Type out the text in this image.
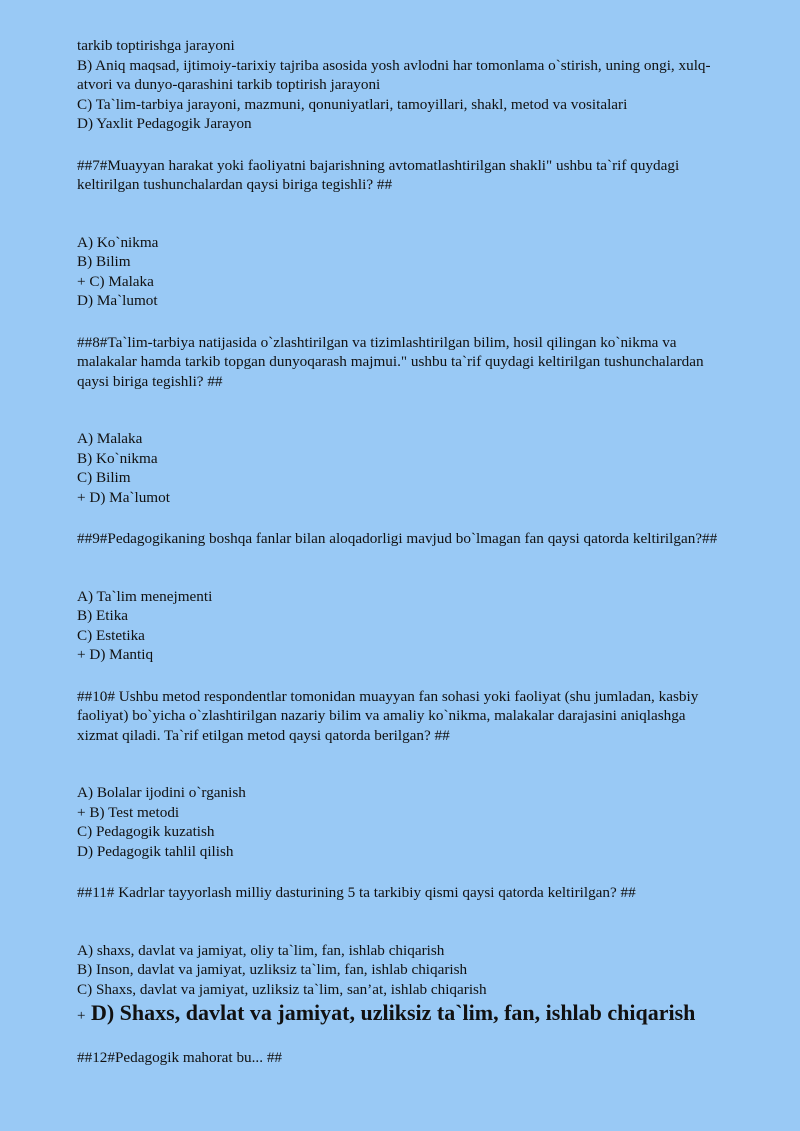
tarkib toptirishga jarayoni
B) Aniq maqsad, ijtimoiy-tarixiy tajriba asosida yosh avlodni har tomonlama o`stirish, uning ongi, xulq-
atvori va dunyo-qarashini tarkib toptirish jarayoni
C) Ta`lim-tarbiya jarayoni, mazmuni, qonuniyatlari, tamoyillari, shakl, metod va vositalari
D) Yaxlit Pedagogik Jarayon
##7#Muayyan harakat yoki faoliyatni bajarishning avtomatlashtirilgan shakli" ushbu ta`rif quydagi
keltirilgan tushunchalardan qaysi biriga tegishli? ##
A) Ko`nikma
B) Bilim
+ C) Malaka
D) Ma`lumot
##8#Ta`lim-tarbiya natijasida o`zlashtirilgan va tizimlashtirilgan bilim, hosil qilingan ko`nikma va
malakalar hamda tarkib topgan dunyoqarash majmui." ushbu ta`rif quydagi keltirilgan tushunchalardan
qaysi biriga tegishli? ##
A) Malaka
B) Ko`nikma
C) Bilim
+ D) Ma`lumot
##9#Pedagogikaning boshqa fanlar bilan aloqadorligi mavjud bo`lmagan fan qaysi qatorda keltirilgan?##
A) Ta`lim menejmenti
B) Etika
C) Estetika
+ D) Mantiq
##10# Ushbu metod respondentlar tomonidan muayyan fan sohasi yoki faoliyat (shu jumladan, kasbiy
faoliyat) bo`yicha o`zlashtirilgan nazariy bilim va amaliy ko`nikma, malakalar darajasini aniqlashga
xizmat qiladi. Ta`rif etilgan metod qaysi qatorda berilgan? ##
A) Bolalar ijodini o`rganish
+ B) Test metodi
C) Pedagogik kuzatish
D) Pedagogik tahlil qilish
##11# Kadrlar tayyorlash milliy dasturining 5 ta tarkibiy qismi qaysi qatorda keltirilgan? ##
A) shaxs, davlat va jamiyat, oliy ta`lim, fan, ishlab chiqarish
B) Inson, davlat va jamiyat, uzliksiz ta`lim, fan, ishlab chiqarish
C) Shaxs, davlat va jamiyat, uzliksiz ta`lim, san’at, ishlab chiqarish
+ D) Shaxs, davlat va jamiyat, uzliksiz ta`lim, fan, ishlab chiqarish
##12#Pedagogik mahorat bu... ##
